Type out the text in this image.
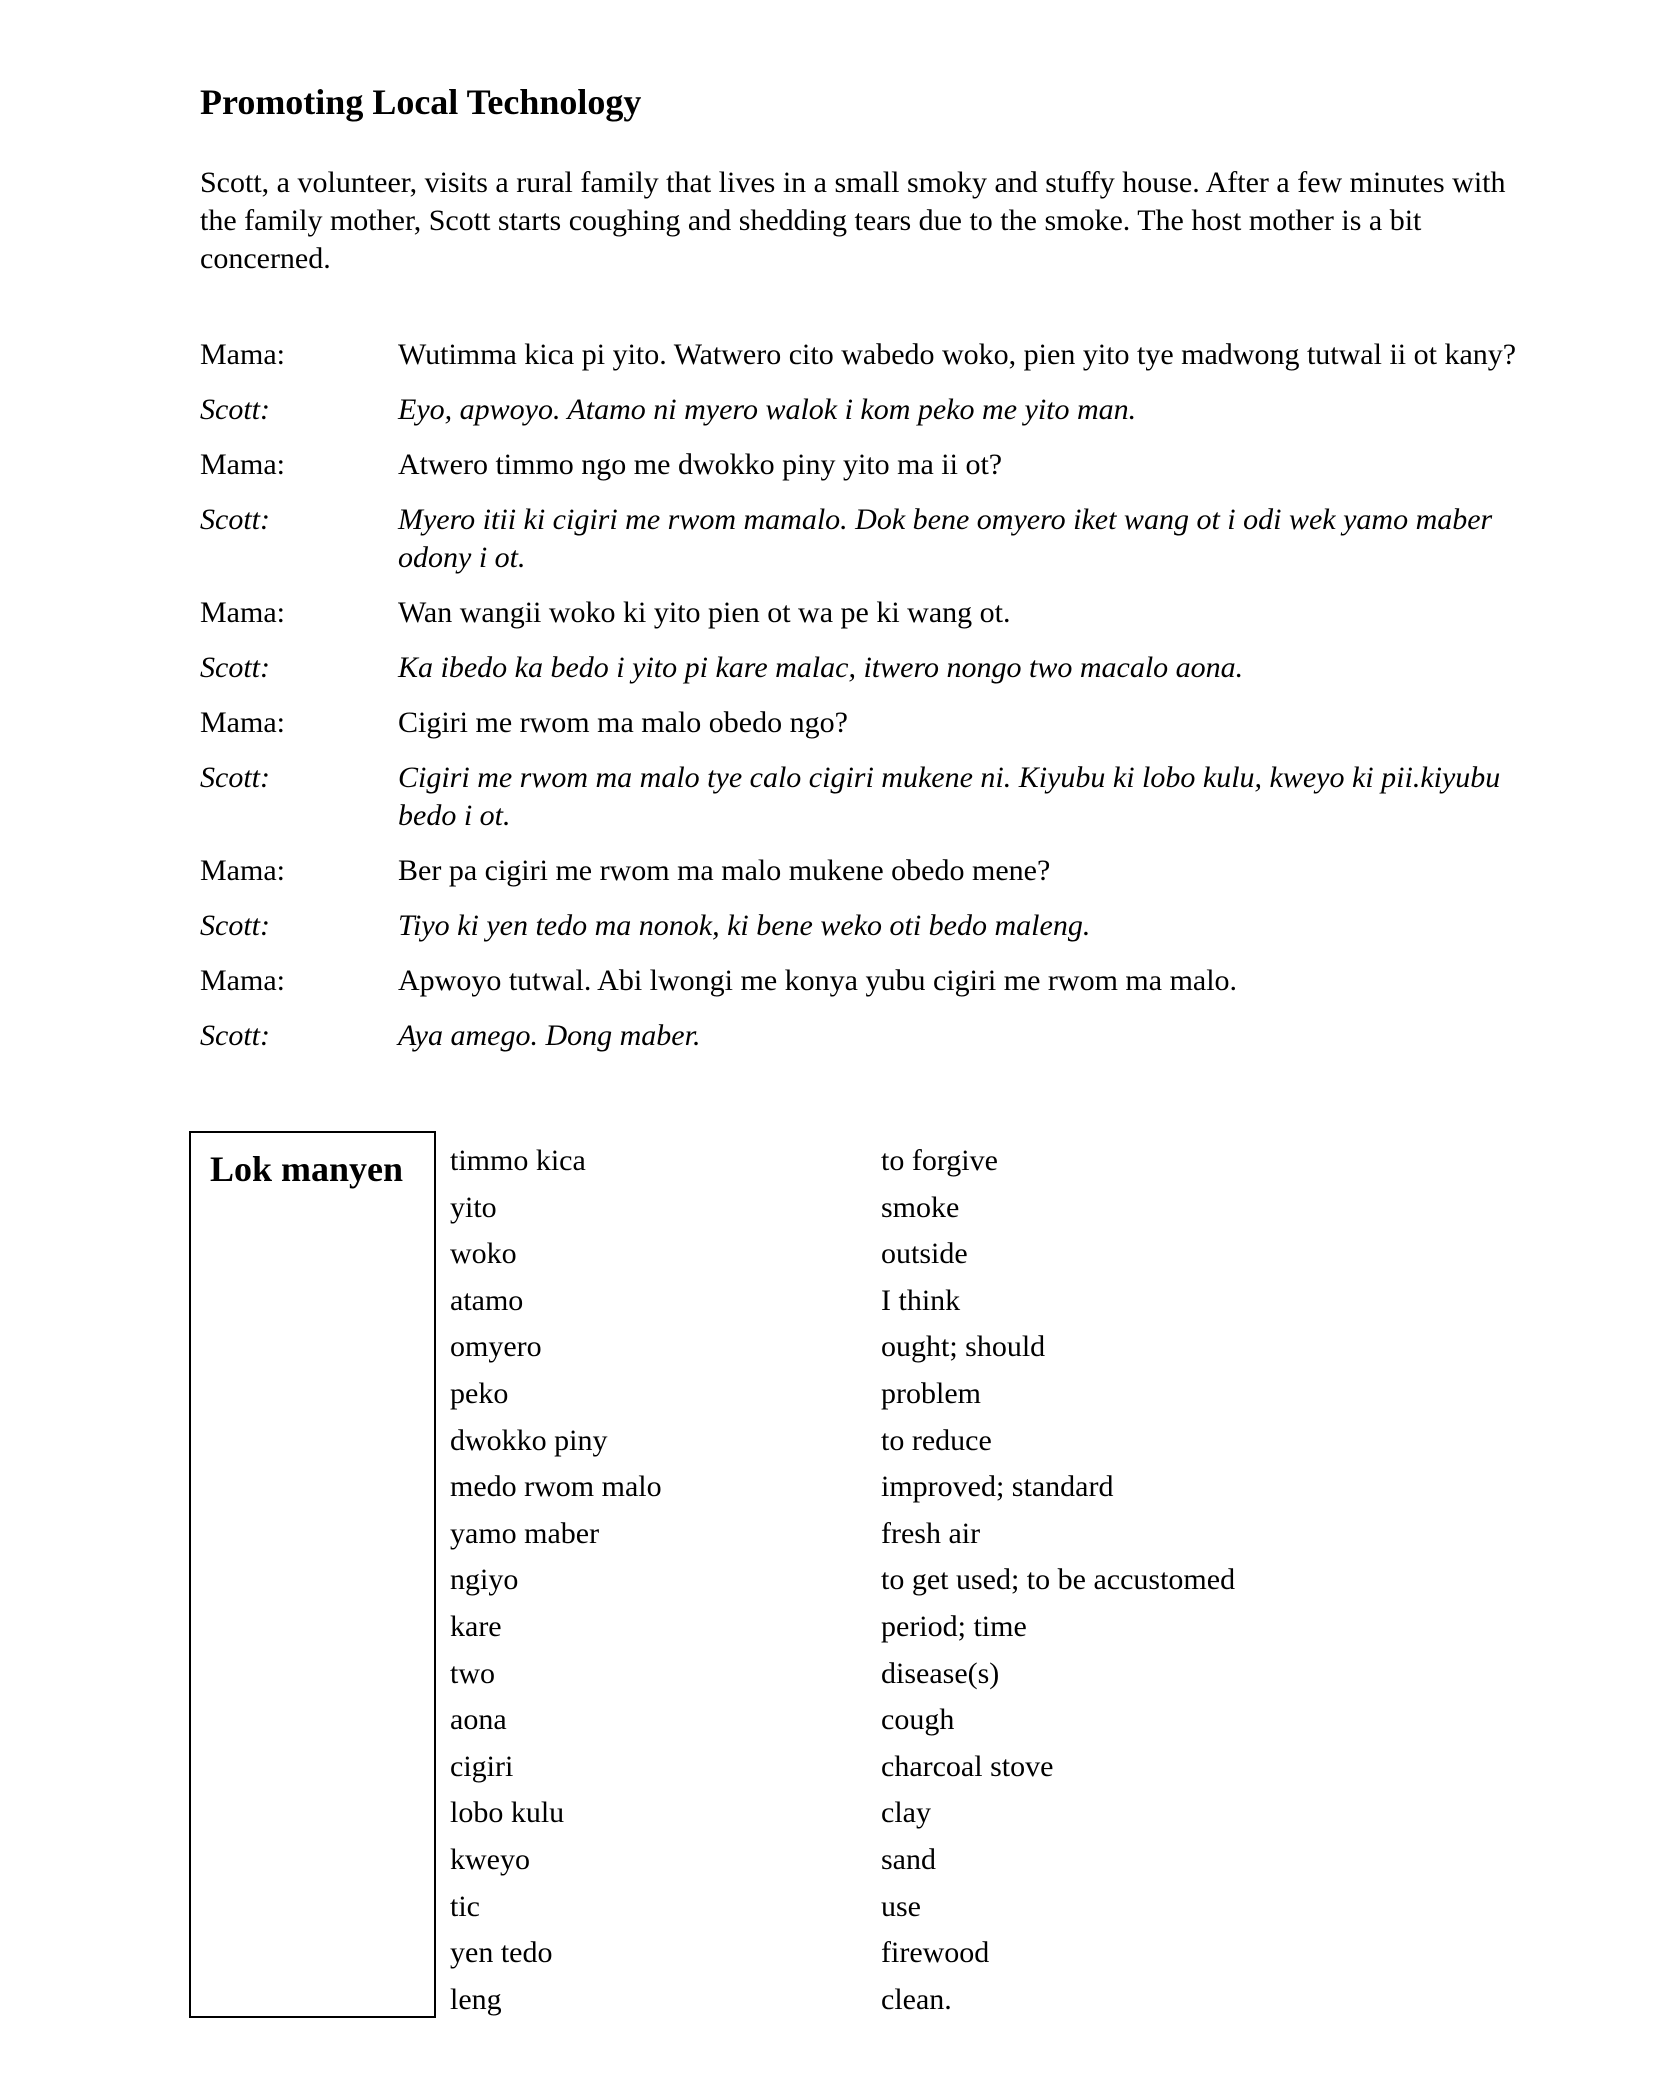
Promoting Local Technology

Scott, a volunteer, visits a rural family that lives in a small smoky and stuffy house. After a few minutes with the family mother, Scott starts coughing and shedding tears due to the smoke. The host mother is a bit concerned.

Mama:	Wutimma kica pi yito. Watwero cito wabedo woko, pien yito tye madwong tutwal ii ot kany?
Scott:	Eyo, apwoyo. Atamo ni myero walok i kom peko me yito man.
Mama:	Atwero timmo ngo me dwokko piny yito ma ii ot?
Scott:	Myero itii ki cigiri me rwom mamalo. Dok bene omyero iket wang ot i odi wek yamo maber odony i ot.
Mama:	Wan wangii woko ki yito pien ot wa pe ki wang ot.
Scott:	Ka ibedo ka bedo i yito pi kare malac, itwero nongo two macalo aona.
Mama:	Cigiri me rwom ma malo obedo ngo?
Scott:	Cigiri me rwom ma malo tye calo cigiri mukene ni. Kiyubu ki lobo kulu, kweyo ki pii.kiyubu bedo i ot.
Mama:	Ber pa cigiri me rwom ma malo mukene obedo mene?
Scott:	Tiyo ki yen tedo ma nonok, ki bene weko oti bedo maleng.
Mama:	Apwoyo tutwal. Abi lwongi me konya yubu cigiri me rwom ma malo.
Scott:	Aya amego. Dong maber.
Lok manyen timmo kica	to forgive
yito	smoke
woko	outside
atamo	I think
omyero	ought; should
peko	problem
dwokko piny	to reduce
medo rwom malo	improved; standard
yamo maber	fresh air
ngiyo	to get used; to be accustomed
kare	period; time
two	disease(s)
aona	cough
cigiri	charcoal stove
lobo kulu	clay
kweyo	sand
tic	use
yen tedo	firewood
leng	clean.
